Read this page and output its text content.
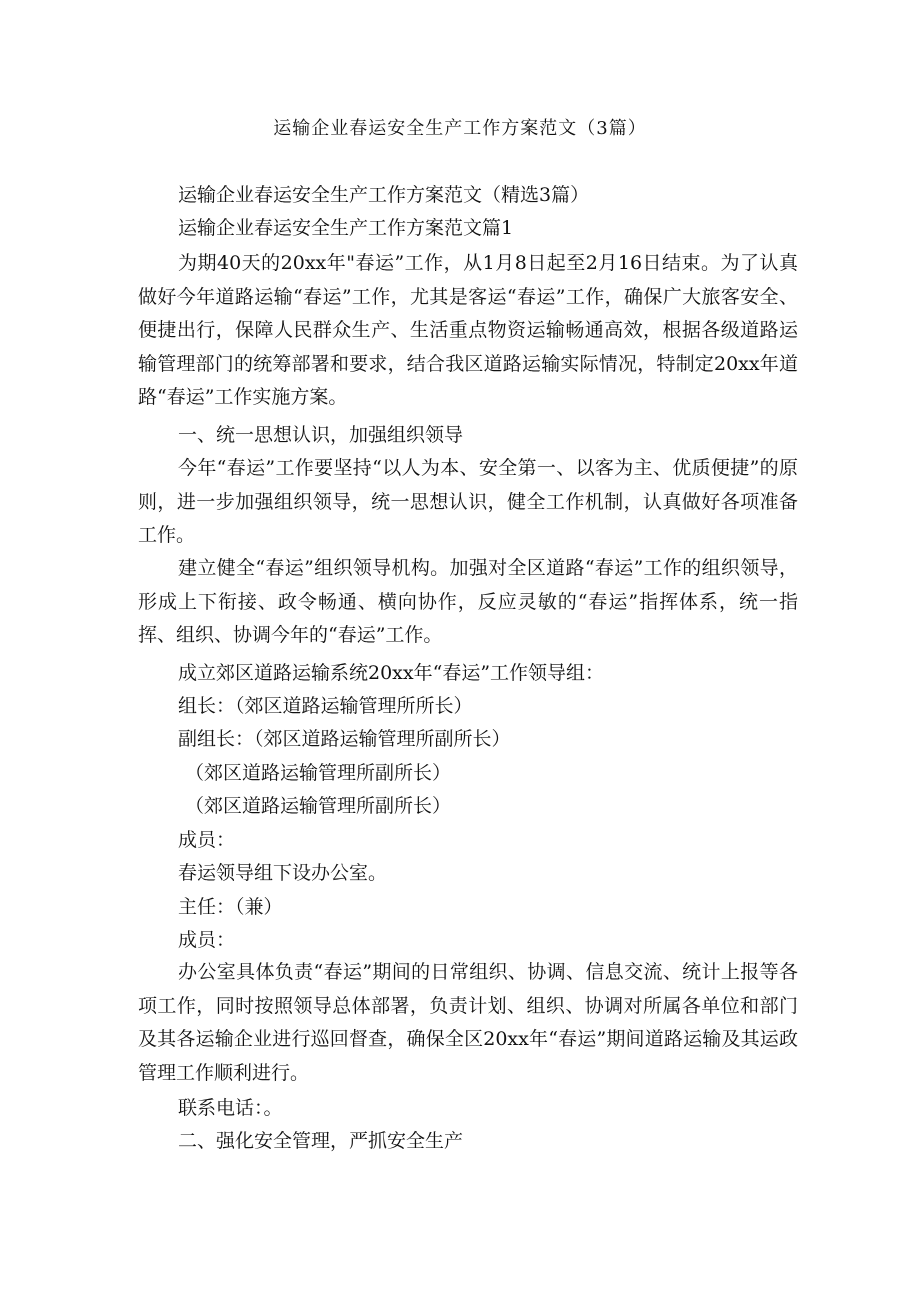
运输企业春运安全生产工作方案范文（3篇）
运输企业春运安全生产工作方案范文（精选3篇）
运输企业春运安全生产工作方案范文篇1
为期40天的20xx年"春运”工作，从1月8日起至2月16日结束。为了认真做好今年道路运输“春运”工作，尤其是客运“春运”工作，确保广大旅客安全、便捷出行，保障人民群众生产、生活重点物资运输畅通高效，根据各级道路运输管理部门的统筹部署和要求，结合我区道路运输实际情况，特制定20xx年道路“春运”工作实施方案。
一、统一思想认识，加强组织领导
今年“春运”工作要坚持“以人为本、安全第一、以客为主、优质便捷”的原则，进一步加强组织领导，统一思想认识，健全工作机制，认真做好各项准备工作。
建立健全“春运”组织领导机构。加强对全区道路“春运”工作的组织领导，形成上下衔接、政令畅通、横向协作，反应灵敏的“春运”指挥体系，统一指挥、组织、协调今年的“春运”工作。
成立郊区道路运输系统20xx年“春运”工作领导组：
组长：（郊区道路运输管理所所长）
副组长：（郊区道路运输管理所副所长）
（郊区道路运输管理所副所长）
（郊区道路运输管理所副所长）
成员：
春运领导组下设办公室。
主任：（兼）
成员：
办公室具体负责“春运”期间的日常组织、协调、信息交流、统计上报等各项工作，同时按照领导总体部署，负责计划、组织、协调对所属各单位和部门及其各运输企业进行巡回督查，确保全区20xx年“春运”期间道路运输及其运政管理工作顺利进行。
联系电话：。
二、强化安全管理，严抓安全生产
